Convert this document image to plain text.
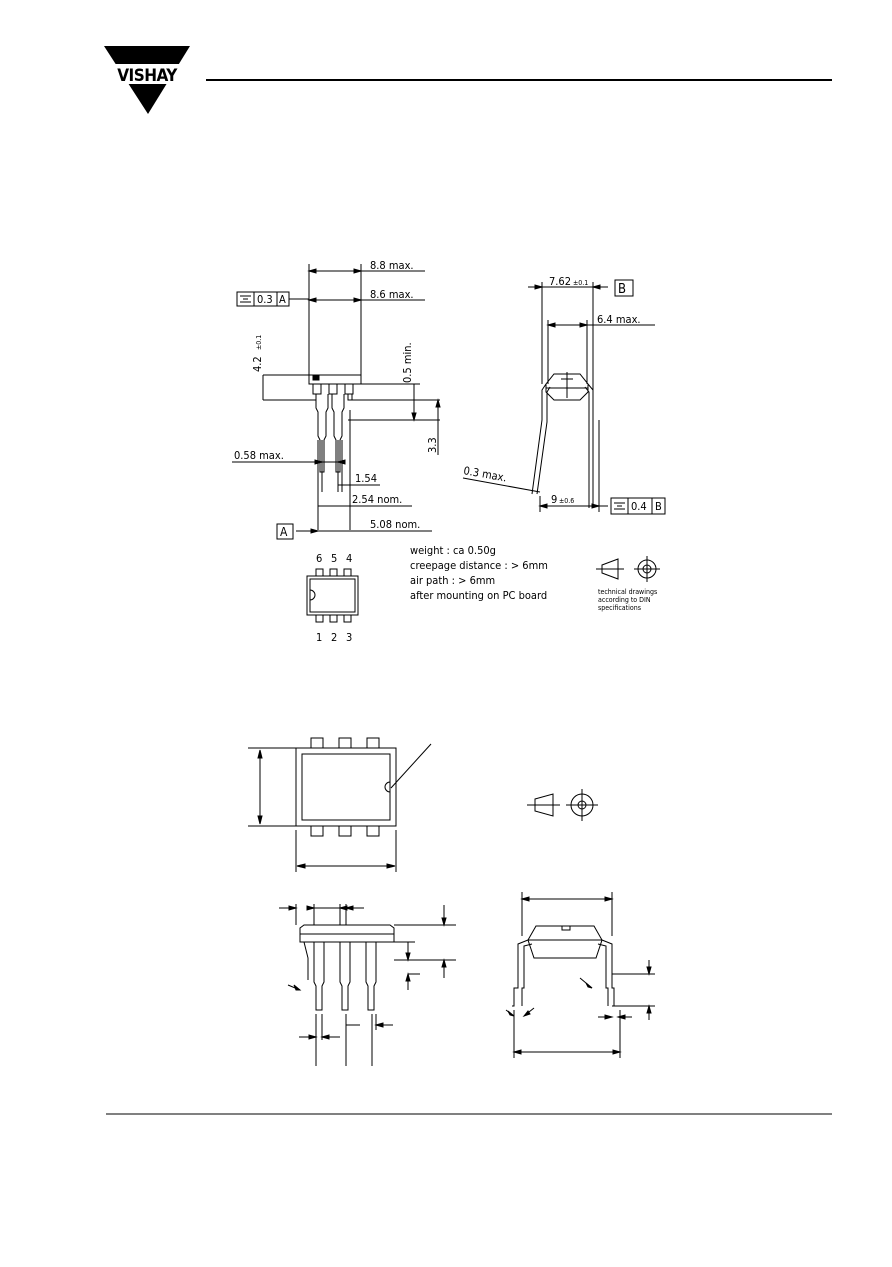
VISHAY
0.3 A
8.8 max.
8.6 max.
4.2
±0.1	0.5 min.
3.3
0.58 max.
1.54
2.54 nom.
5.08 nom.
A
7.62 ±0.1 B
6.4 max.
0.3 max.
9 ±0.6	0.4 B
6 5 4
1 2 3
weight : ca 0.50g
creepage distance : > 6mm
air path : > 6mm
after mounting on PC board	technical drawings
according to DIN
specifications
